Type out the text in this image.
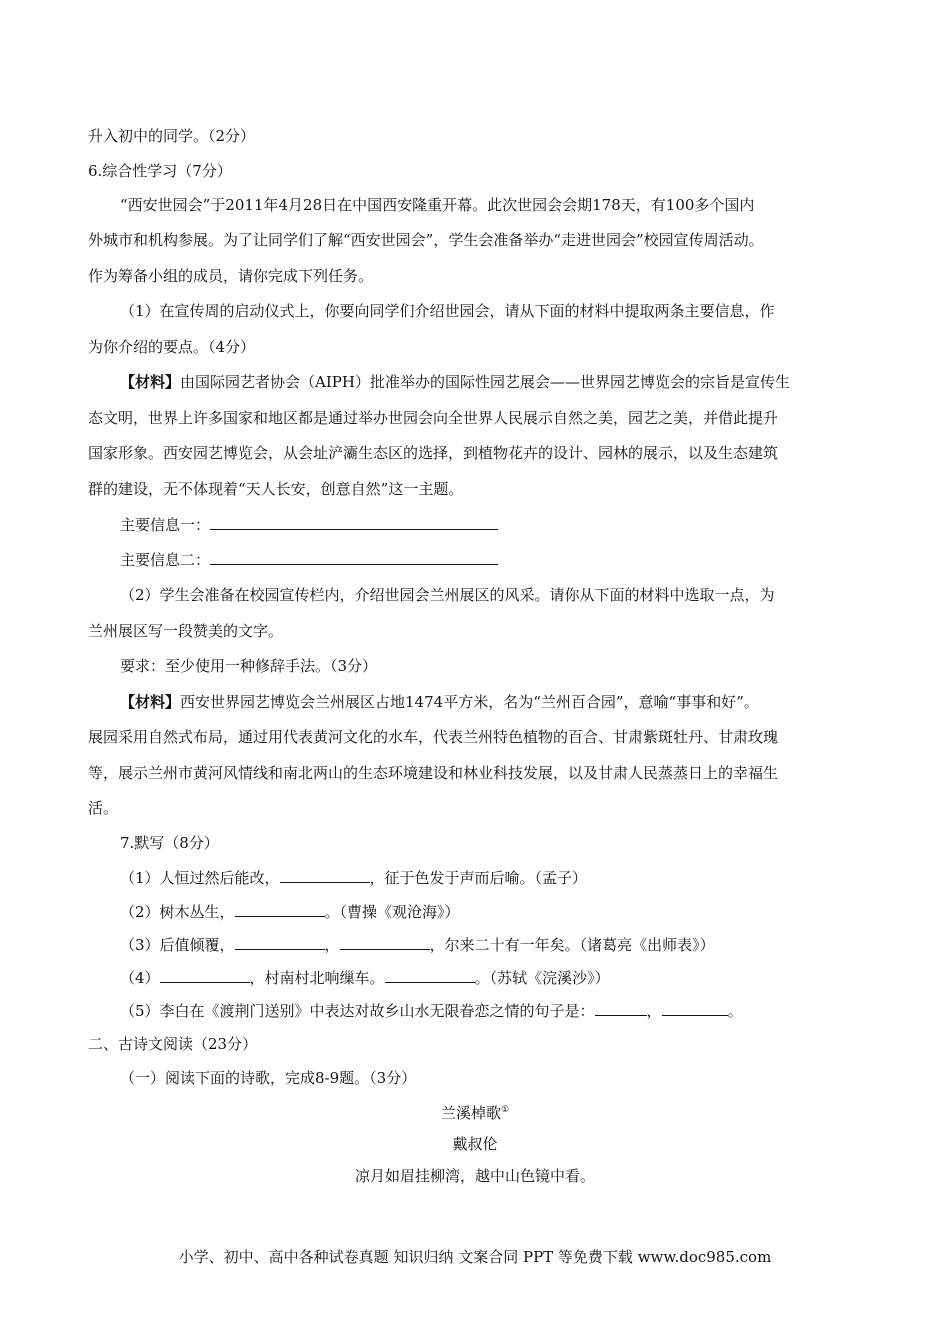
升入初中的同学。（2分）
6.综合性学习（7分）
“西安世园会”于2011年4月28日在中国西安隆重开幕。此次世园会会期178天，有100多个国内
外城市和机构参展。为了让同学们了解“西安世园会”，学生会准备举办“走进世园会”校园宣传周活动。
作为筹备小组的成员，请你完成下列任务。
（1）在宣传周的启动仪式上，你要向同学们介绍世园会，请从下面的材料中提取两条主要信息，作
为你介绍的要点。（4分）
【材料】由国际园艺者协会（AIPH）批准举办的国际性园艺展会——世界园艺博览会的宗旨是宣传生
态文明，世界上许多国家和地区都是通过举办世园会向全世界人民展示自然之美，园艺之美，并借此提升
国家形象。西安园艺博览会，从会址浐灞生态区的选择，到植物花卉的设计、园林的展示，以及生态建筑
群的建设，无不体现着“天人长安，创意自然”这一主题。
主要信息一：
主要信息二：
（2）学生会准备在校园宣传栏内，介绍世园会兰州展区的风采。请你从下面的材料中选取一点，为
兰州展区写一段赞美的文字。
要求：至少使用一种修辞手法。（3分）
【材料】西安世界园艺博览会兰州展区占地1474平方米，名为“兰州百合园”，意喻“事事和好”。
展园采用自然式布局，通过用代表黄河文化的水车，代表兰州特色植物的百合、甘肃紫斑牡丹、甘肃玫瑰
等，展示兰州市黄河风情线和南北两山的生态环境建设和林业科技发展，以及甘肃人民蒸蒸日上的幸福生
活。
7.默写（8分）
（1）人恒过然后能改，	，征于色发于声而后喻。（孟子）
（2）树木丛生，	。（曹操《观沧海》）
（3）后值倾覆，	，	，尔来二十有一年矣。（诸葛亮《出师表》）
（4）	，村南村北响缫车。	。（苏轼《浣溪沙》）
（5）李白在《渡荆门送别》中表达对故乡山水无限眷恋之情的句子是：	，	。
二、古诗文阅读（23分）
（一）阅读下面的诗歌，完成8-9题。（3分）
兰溪棹歌①
戴叔伦
凉月如眉挂柳湾，越中山色镜中看。
小学、初中、高中各种试卷真题 知识归纳 文案合同 PPT 等免费下载 www.doc985.com
